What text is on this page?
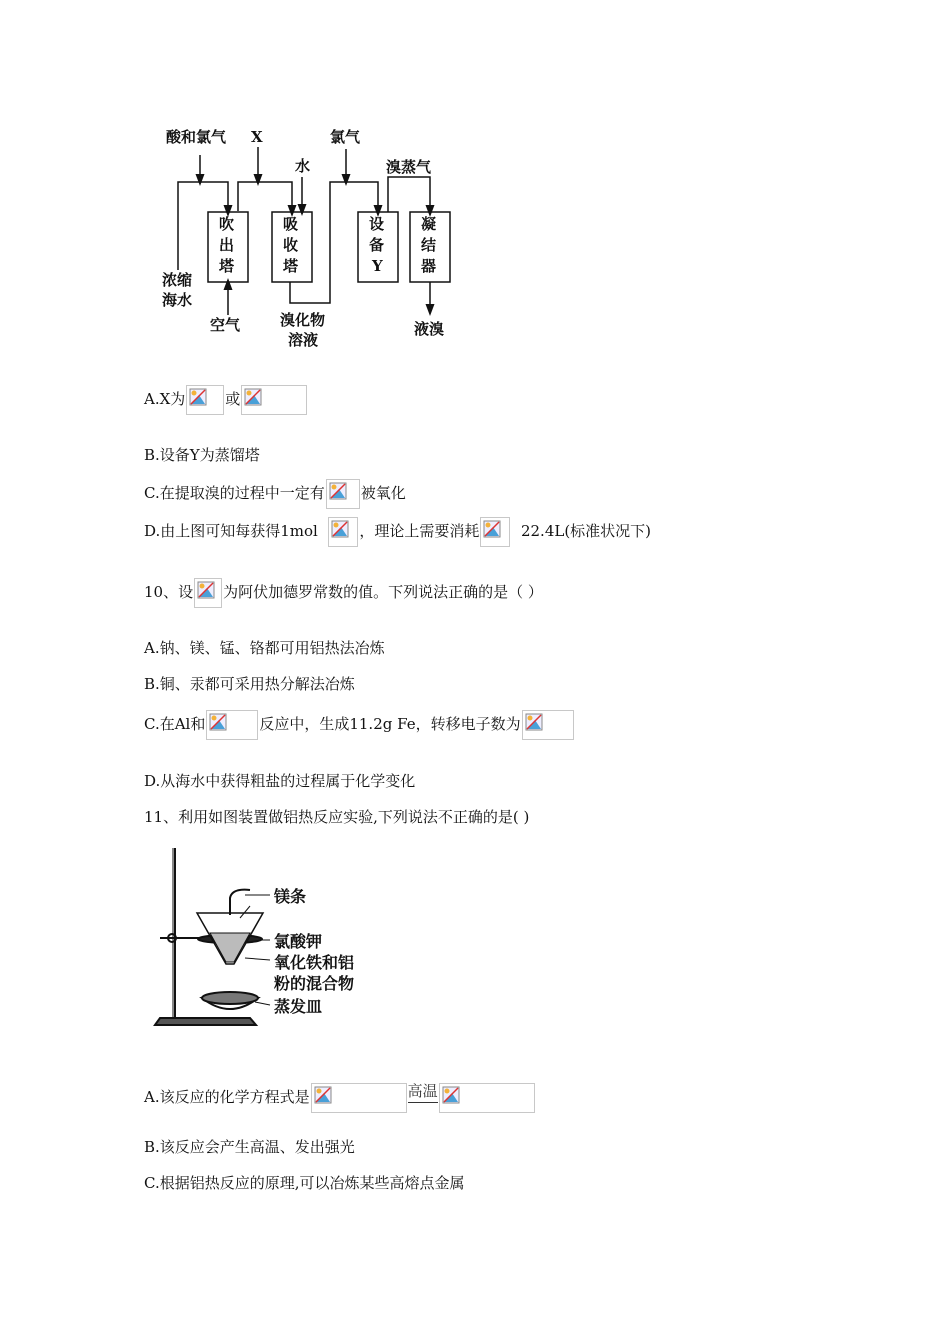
酸和氯气 X
水
氯气
溴蒸气
吹
出
塔
吸
收
塔
设
备
Y
凝
结
器
浓缩
海水
空气	溴化物
溶液
液溴
A.X为	或
B.设备Y为蒸馏塔
C.在提取溴的过程中一定有 被氧化
D.由上图可知每获得1mol	，理论上需要消耗	22.4L(标准状况下)
10、设 为阿伏加德罗常数的值。下列说法正确的是（ ）
A.钠、镁、锰、铬都可用铝热法冶炼
B.铜、汞都可采用热分解法冶炼
C.在Al和	反应中，生成11.2g Fe，转移电子数为
D.从海水中获得粗盐的过程属于化学变化
11、利用如图装置做铝热反应实验,下列说法不正确的是( )
镁条
氯酸钾
氧化铁和铝
粉的混合物
蒸发皿
A.该反应的化学方程式是	高温
B.该反应会产生高温、发出强光
C.根据铝热反应的原理,可以冶炼某些高熔点金属
